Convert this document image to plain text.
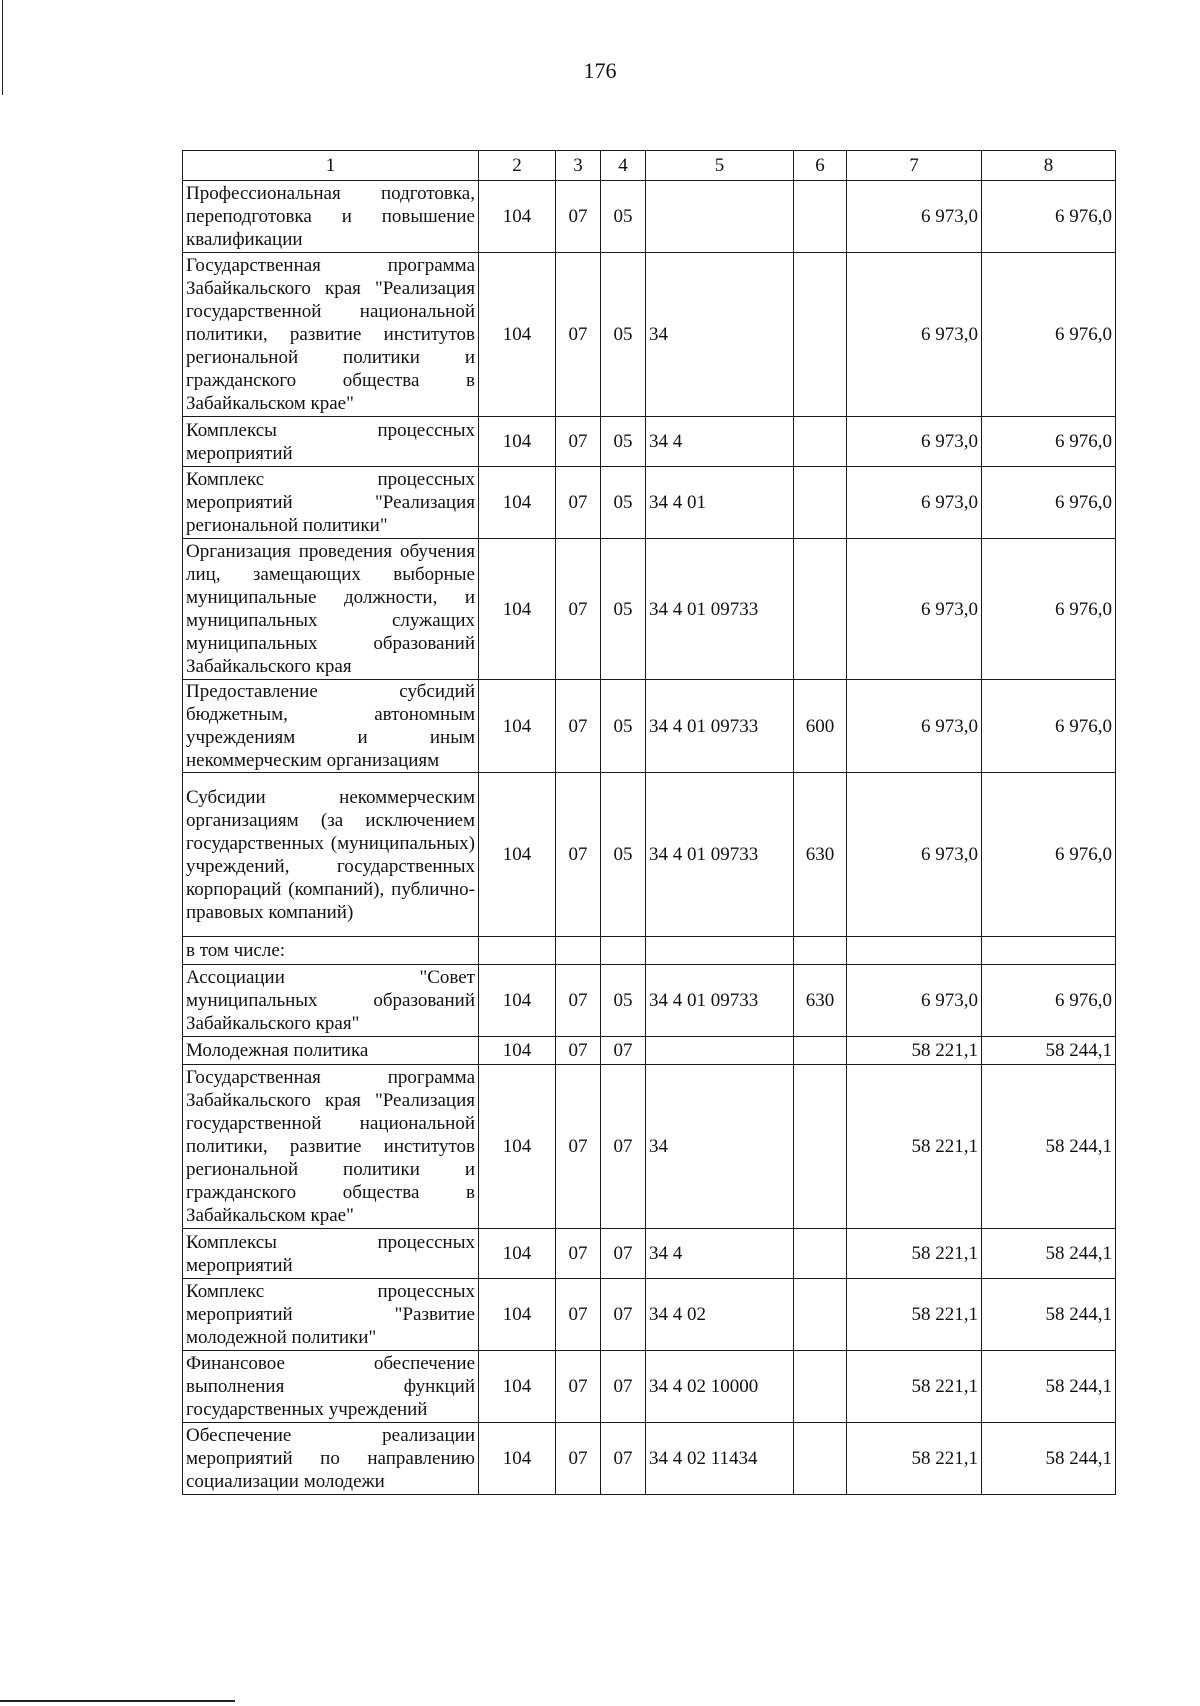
176
1	2	3	4	5	6	7	8
Профессиональная подготовка, переподготовка и повышение квалификации	104	07	05			6 973,0	6 976,0
Государственная программа Забайкальского края "Реализация государственной национальной политики, развитие институтов региональной политики и гражданского общества в Забайкальском крае"	104	07	05	34		6 973,0	6 976,0
Комплексы процессных мероприятий	104	07	05	34 4		6 973,0	6 976,0
Комплекс процессных мероприятий "Реализация региональной политики"	104	07	05	34 4 01		6 973,0	6 976,0
Организация проведения обучения лиц, замещающих выборные муниципальные должности, и муниципальных служащих муниципальных образований Забайкальского края	104	07	05	34 4 01 09733		6 973,0	6 976,0
Предоставление субсидий бюджетным, автономным учреждениям и иным некоммерческим организациям	104	07	05	34 4 01 09733	600	6 973,0	6 976,0
Субсидии некоммерческим организациям (за исключением государственных (муниципальных) учреждений, государственных корпораций (компаний), публично-правовых компаний)	104	07	05	34 4 01 09733	630	6 973,0	6 976,0
в том числе:							
Ассоциации "Совет муниципальных образований Забайкальского края"	104	07	05	34 4 01 09733	630	6 973,0	6 976,0
Молодежная политика	104	07	07			58 221,1	58 244,1
Государственная программа Забайкальского края "Реализация государственной национальной политики, развитие институтов региональной политики и гражданского общества в Забайкальском крае"	104	07	07	34		58 221,1	58 244,1
Комплексы процессных мероприятий	104	07	07	34 4		58 221,1	58 244,1
Комплекс процессных мероприятий "Развитие молодежной политики"	104	07	07	34 4 02		58 221,1	58 244,1
Финансовое обеспечение выполнения функций государственных учреждений	104	07	07	34 4 02 10000		58 221,1	58 244,1
Обеспечение реализации мероприятий по направлению социализации молодежи	104	07	07	34 4 02 11434		58 221,1	58 244,1
